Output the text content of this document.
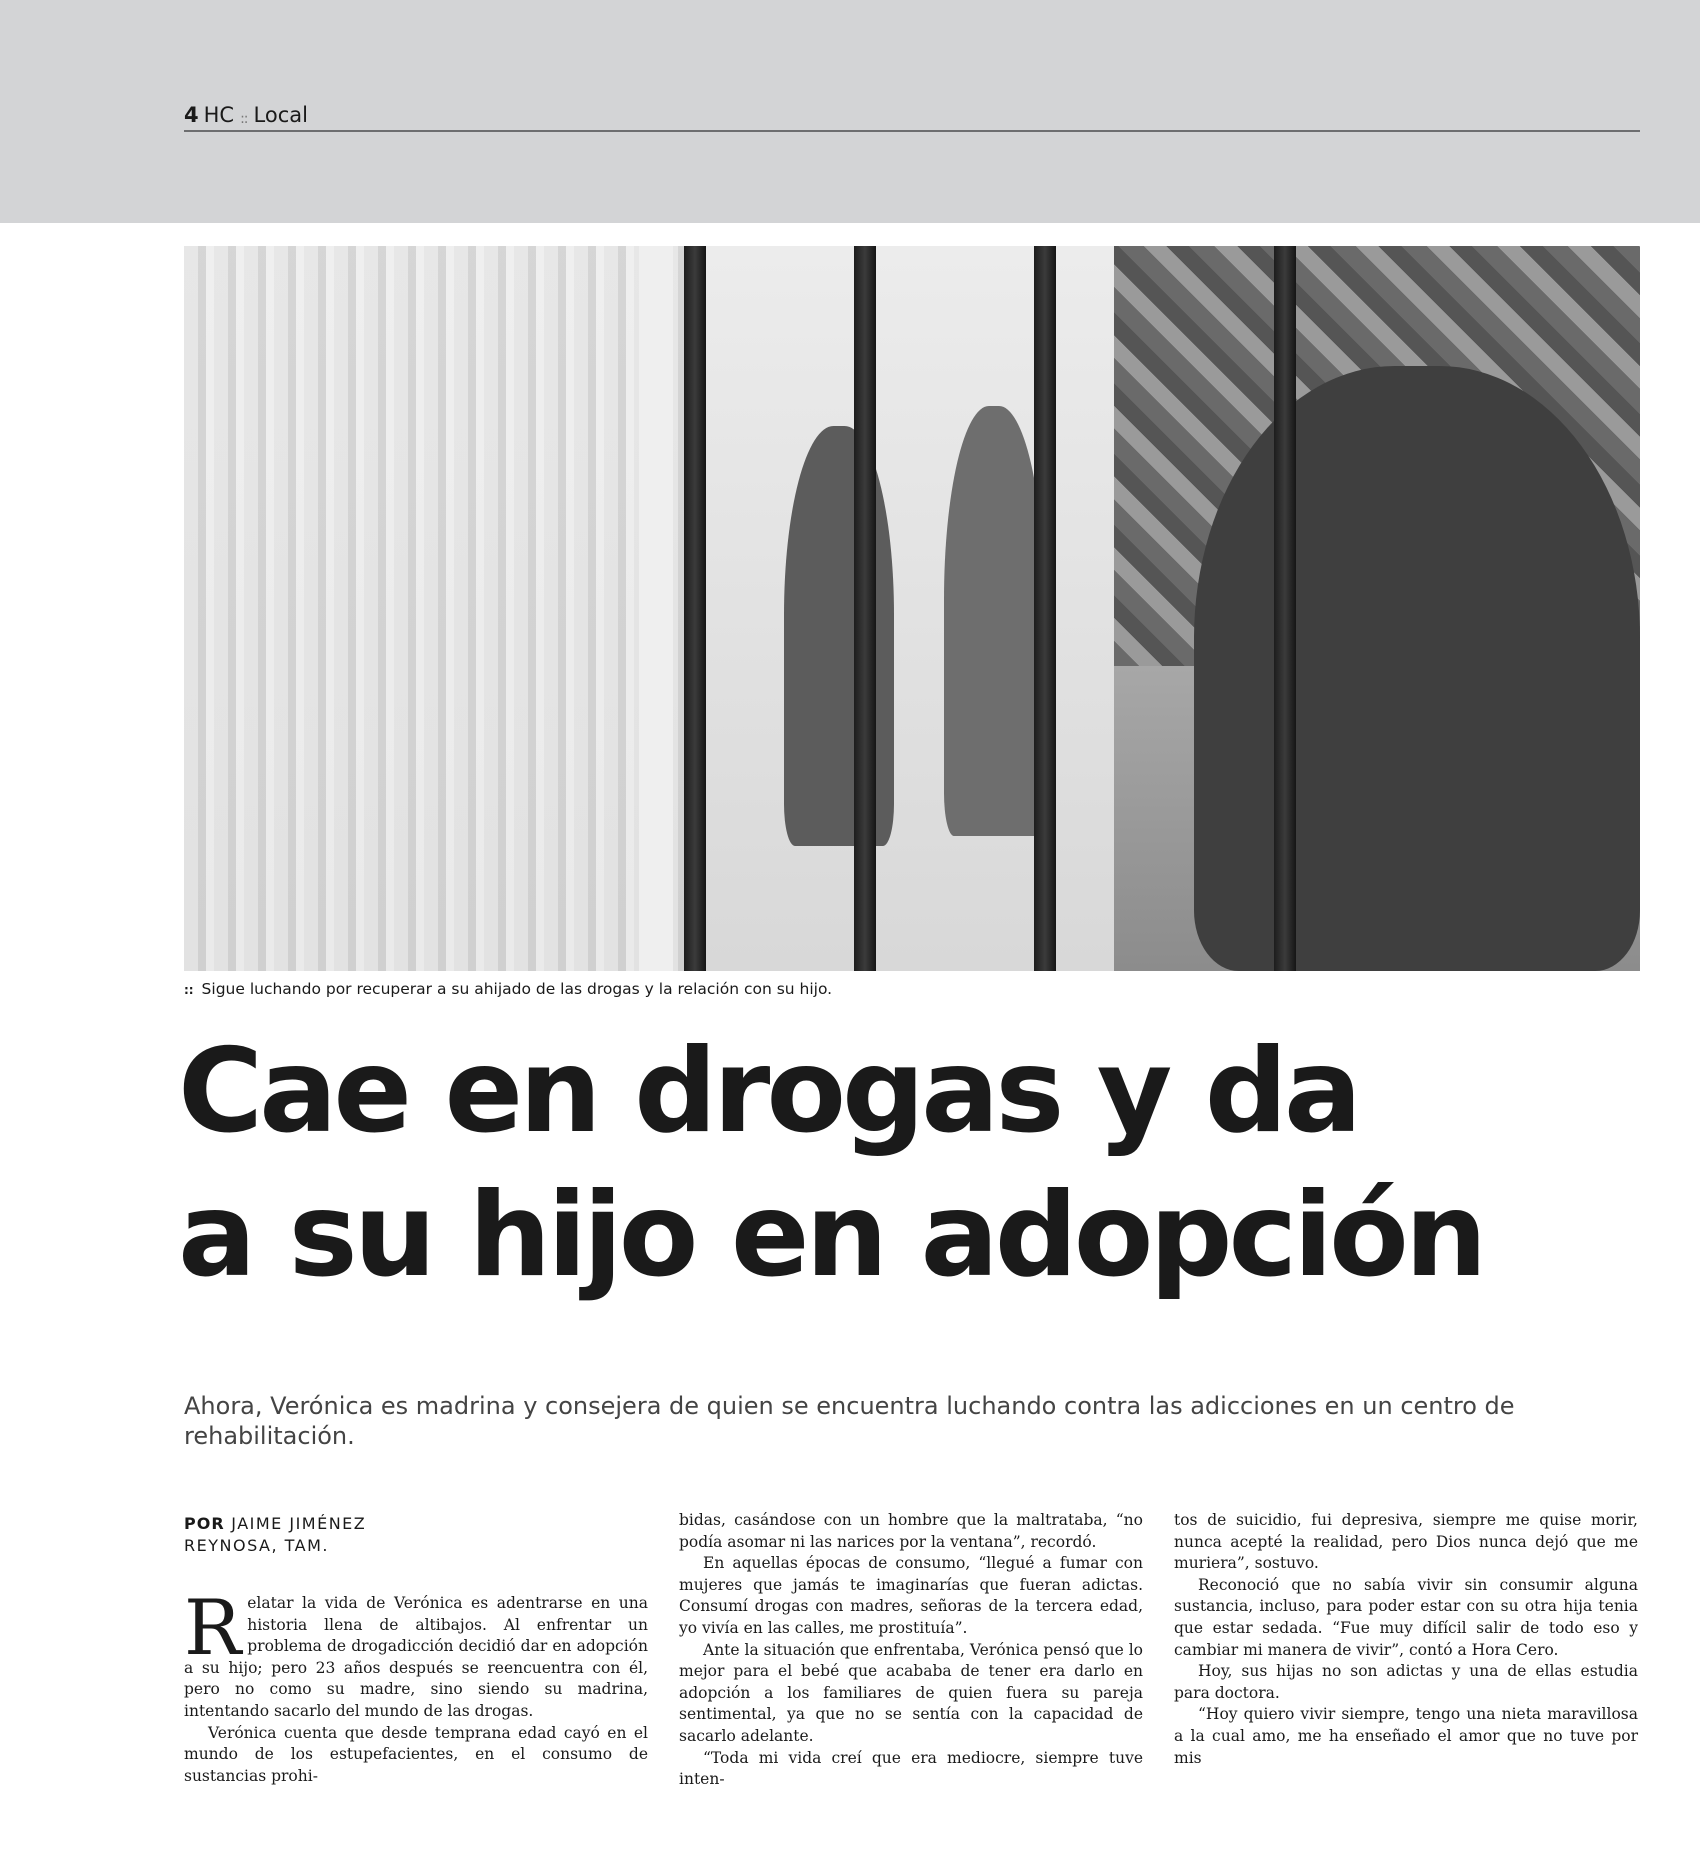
4 HC :: Local
:: Sigue luchando por recuperar a su ahijado de las drogas y la relación con su hijo.
Cae en drogas y da
a su hijo en adopción

Ahora, Verónica es madrina y consejera de quien se encuentra luchando contra las adicciones en un centro de rehabilitación.

POR JAIME JIMÉNEZ
REYNOSA, TAM.

Relatar la vida de Verónica es adentrarse en una historia llena de altibajos. Al enfrentar un problema de drogadicción decidió dar en adopción a su hijo; pero 23 años después se reencuentra con él, pero no como su madre, sino siendo su madrina, intentando sacarlo del mundo de las drogas.

Verónica cuenta que desde temprana edad cayó en el mundo de los estupefacientes, en el consumo de sustancias prohi-

bidas, casándose con un hombre que la maltrataba, “no podía asomar ni las narices por la ventana”, recordó.

En aquellas épocas de consumo, “llegué a fumar con mujeres que jamás te imaginarías que fueran adictas. Consumí drogas con madres, señoras de la tercera edad, yo vivía en las calles, me prostituía”.

Ante la situación que enfrentaba, Verónica pensó que lo mejor para el bebé que acababa de tener era darlo en adopción a los familiares de quien fuera su pareja sentimental, ya que no se sentía con la capacidad de sacarlo adelante.

“Toda mi vida creí que era mediocre, siempre tuve inten-

tos de suicidio, fui depresiva, siempre me quise morir, nunca acepté la realidad, pero Dios nunca dejó que me muriera”, sostuvo.

Reconoció que no sabía vivir sin consumir alguna sustancia, incluso, para poder estar con su otra hija tenia que estar sedada. “Fue muy difícil salir de todo eso y cambiar mi manera de vivir”, contó a Hora Cero.

Hoy, sus hijas no son adictas y una de ellas estudia para doctora.

“Hoy quiero vivir siempre, tengo una nieta maravillosa a la cual amo, me ha enseñado el amor que no tuve por mis
